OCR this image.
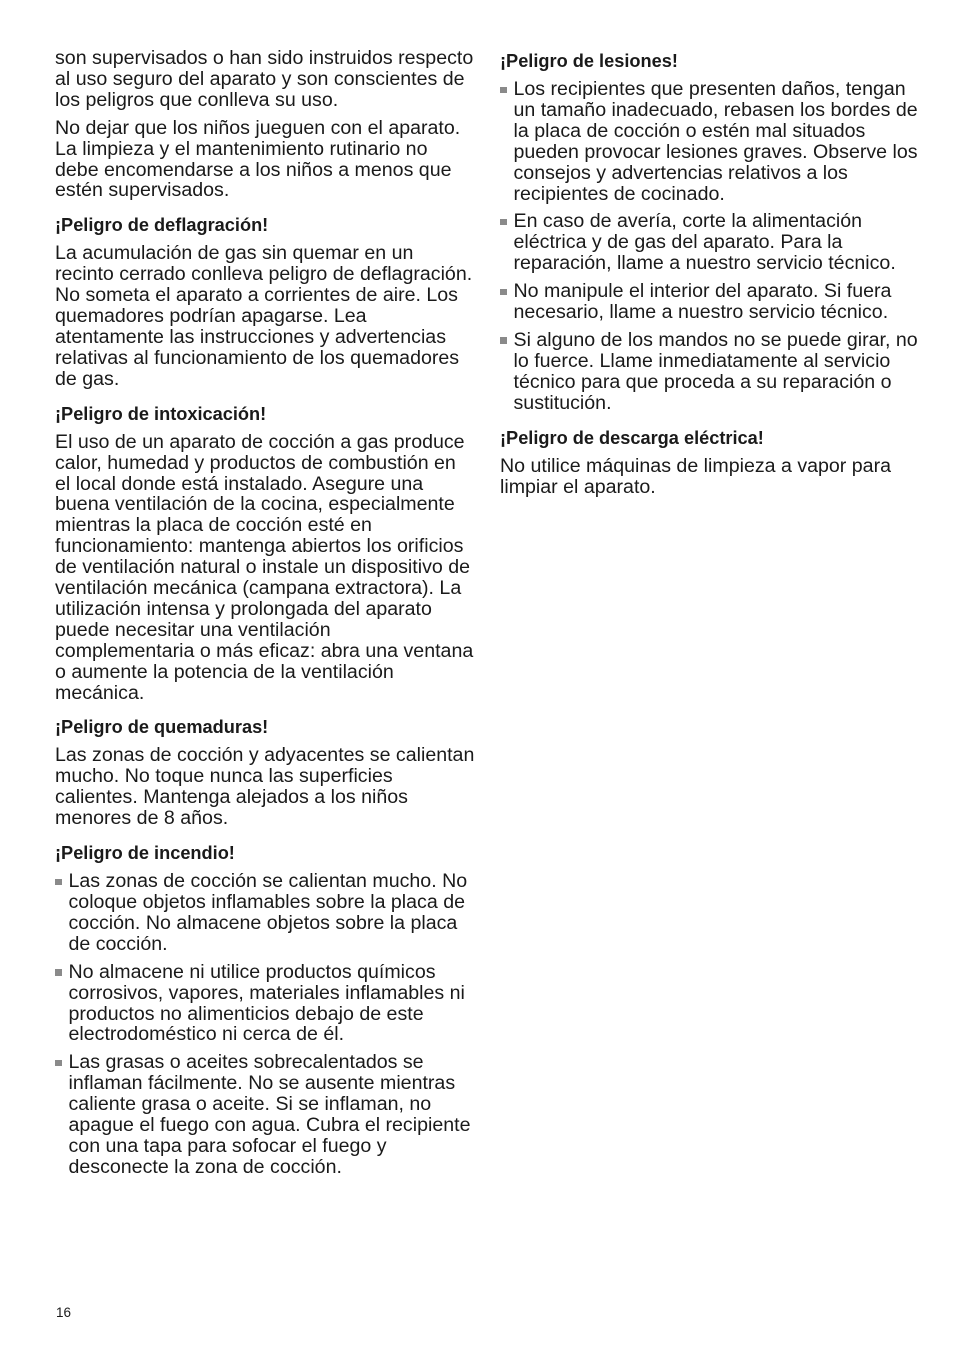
son supervisados o han sido instruidos respecto al uso seguro del aparato y son conscientes de los peligros que conlleva su uso.

No dejar que los niños jueguen con el aparato. La limpieza y el mantenimiento rutinario no debe encomendarse a los niños a menos que estén supervisados.

¡Peligro de deflagración!

La acumulación de gas sin quemar en un recinto cerrado conlleva peligro de deflagración. No someta el aparato a corrientes de aire. Los quemadores podrían apagarse. Lea atentamente las instrucciones y advertencias relativas al funcionamiento de los quemadores de gas.

¡Peligro de intoxicación!

El uso de un aparato de cocción a gas produce calor, humedad y productos de combustión en el local donde está instalado. Asegure una buena ventilación de la cocina, especialmente mientras la placa de cocción esté en funcionamiento: mantenga abiertos los orificios de ventilación natural o instale un dispositivo de ventilación mecánica (campana extractora). La utilización intensa y prolongada del aparato puede necesitar una ventilación complementaria o más eficaz: abra una ventana o aumente la potencia de la ventilación mecánica.

¡Peligro de quemaduras!

Las zonas de cocción y adyacentes se calientan mucho. No toque nunca las superficies calientes. Mantenga alejados a los niños menores de 8 años.

¡Peligro de incendio!
Las zonas de cocción se calientan mucho. No coloque objetos inflamables sobre la placa de cocción. No almacene objetos sobre la placa de cocción.
No almacene ni utilice productos químicos corrosivos, vapores, materiales inflamables ni productos no alimenticios debajo de este electrodoméstico ni cerca de él.
Las grasas o aceites sobrecalentados se inflaman fácilmente. No se ausente mientras caliente grasa o aceite. Si se inflaman, no apague el fuego con agua. Cubra el recipiente con una tapa para sofocar el fuego y desconecte la zona de cocción.
¡Peligro de lesiones!
Los recipientes que presenten daños, tengan un tamaño inadecuado, rebasen los bordes de la placa de cocción o estén mal situados pueden provocar lesiones graves. Observe los consejos y advertencias relativos a los recipientes de cocinado.
En caso de avería, corte la alimentación eléctrica y de gas del aparato. Para la reparación, llame a nuestro servicio técnico.
No manipule el interior del aparato. Si fuera necesario, llame a nuestro servicio técnico.
Si alguno de los mandos no se puede girar, no lo fuerce. Llame inmediatamente al servicio técnico para que proceda a su reparación o sustitución.
¡Peligro de descarga eléctrica!

No utilice máquinas de limpieza a vapor para limpiar el aparato.

16
